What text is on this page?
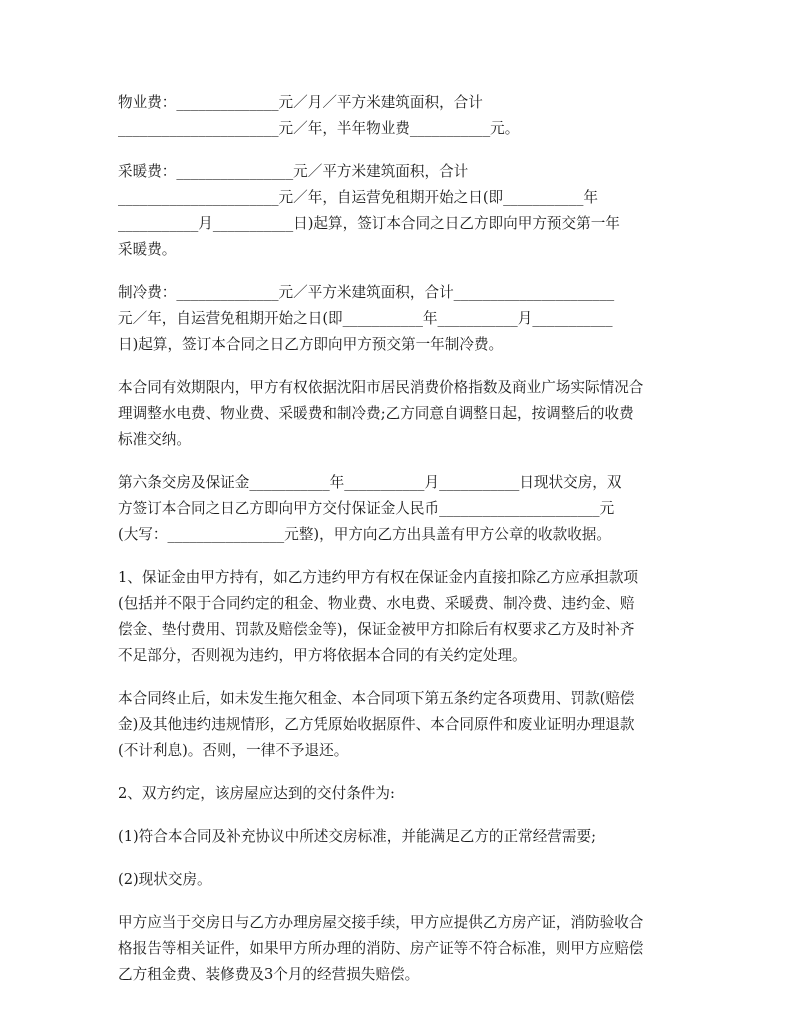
物业费：______________元／月／平方米建筑面积，合计
______________________元／年，半年物业费___________元。

采暖费：________________元／平方米建筑面积，合计
______________________元／年，自运营免租期开始之日(即___________年
___________月___________日)起算，签订本合同之日乙方即向甲方预交第一年
采暖费。

制冷费：______________元／平方米建筑面积，合计______________________
元／年，自运营免租期开始之日(即___________年___________月___________
日)起算，签订本合同之日乙方即向甲方预交第一年制冷费。

本合同有效期限内，甲方有权依据沈阳市居民消费价格指数及商业广场实际情况合
理调整水电费、物业费、采暖费和制冷费;乙方同意自调整日起，按调整后的收费
标准交纳。

第六条交房及保证金___________年___________月___________日现状交房，双
方签订本合同之日乙方即向甲方交付保证金人民币______________________元
(大写：________________元整)，甲方向乙方出具盖有甲方公章的收款收据。

1、保证金由甲方持有，如乙方违约甲方有权在保证金内直接扣除乙方应承担款项
(包括并不限于合同约定的租金、物业费、水电费、采暖费、制冷费、违约金、赔
偿金、垫付费用、罚款及赔偿金等)，保证金被甲方扣除后有权要求乙方及时补齐
不足部分，否则视为违约，甲方将依据本合同的有关约定处理。

本合同终止后，如未发生拖欠租金、本合同项下第五条约定各项费用、罚款(赔偿
金)及其他违约违规情形，乙方凭原始收据原件、本合同原件和废业证明办理退款
(不计利息)。否则，一律不予退还。

2、双方约定，该房屋应达到的交付条件为:

(1)符合本合同及补充协议中所述交房标准，并能满足乙方的正常经营需要;

(2)现状交房。

甲方应当于交房日与乙方办理房屋交接手续，甲方应提供乙方房产证，消防验收合
格报告等相关证件，如果甲方所办理的消防、房产证等不符合标准，则甲方应赔偿
乙方租金费、装修费及3个月的经营损失赔偿。
